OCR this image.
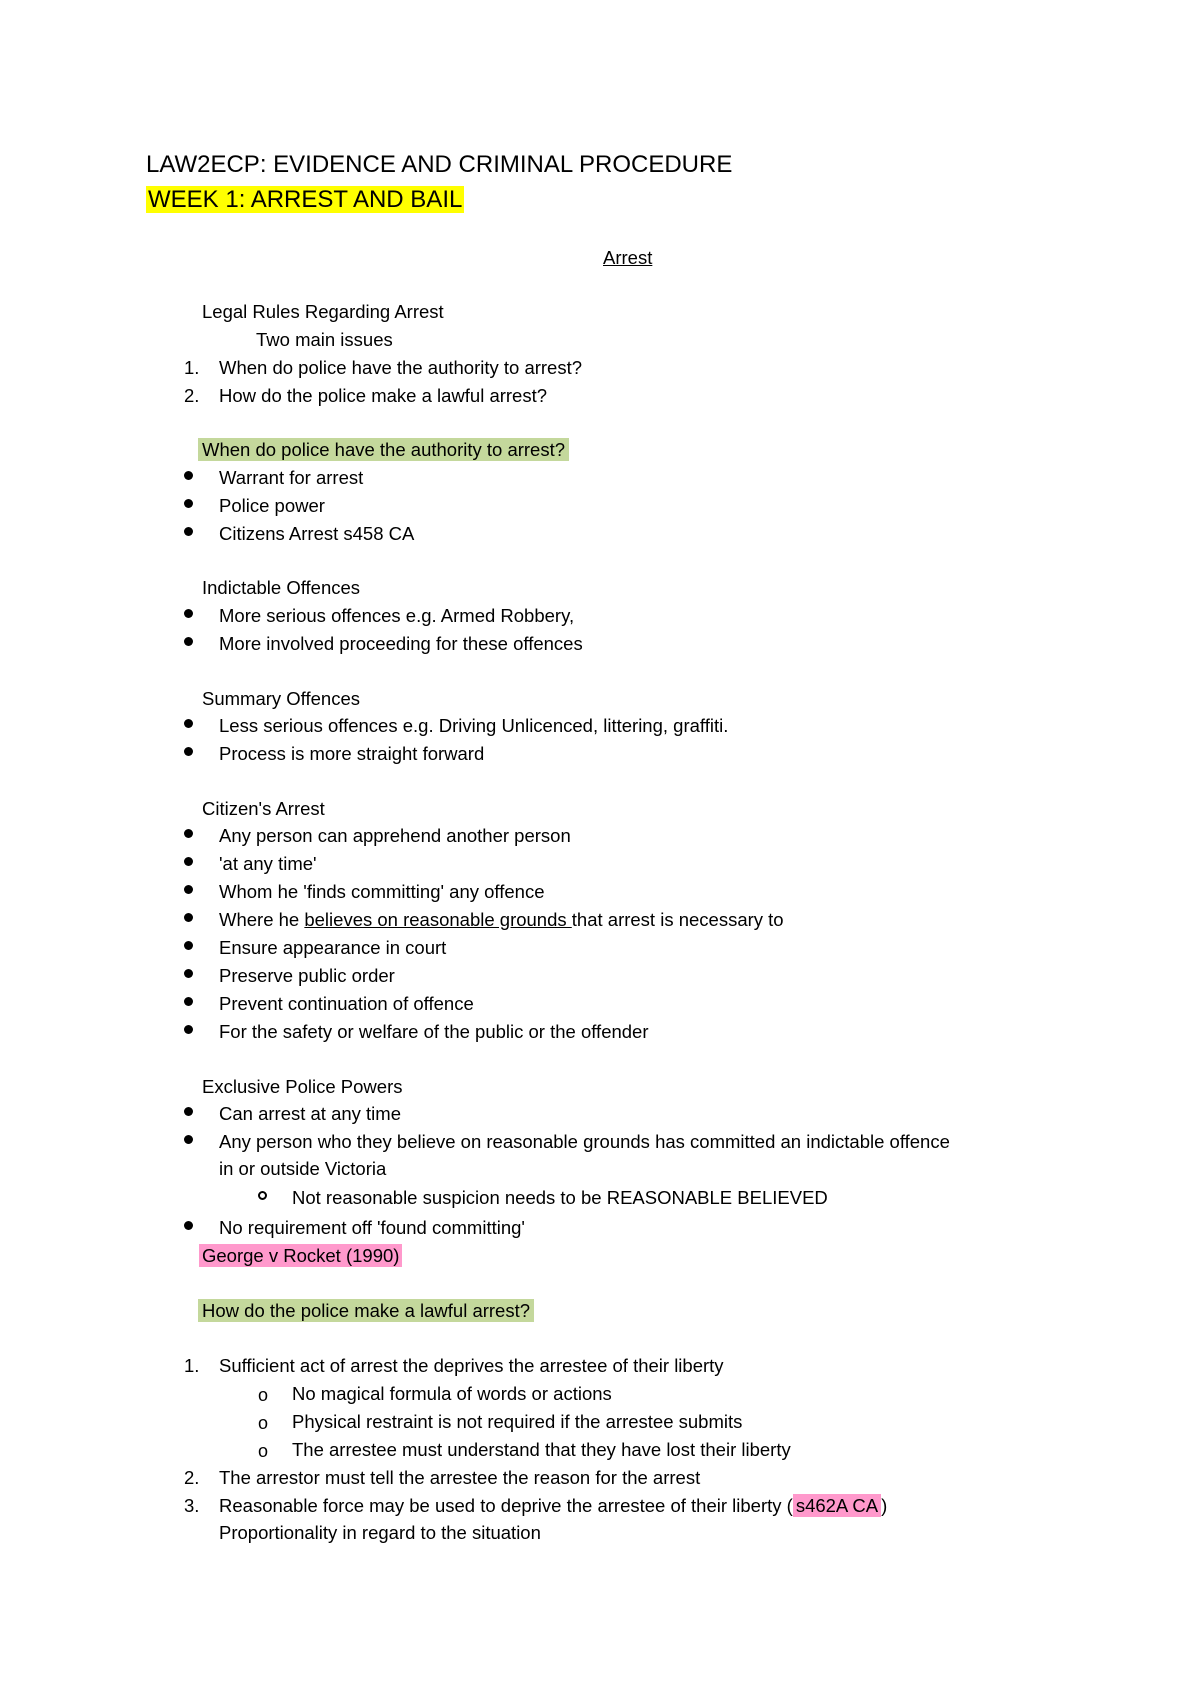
LAW2ECP: EVIDENCE AND CRIMINAL PROCEDURE
WEEK 1: ARREST AND BAIL
Arrest
Legal Rules Regarding Arrest
Two main issues
1. When do police have the authority to arrest?
2. How do the police make a lawful arrest?
When do police have the authority to arrest?
Warrant for arrest
Police power
Citizens Arrest s458 CA
Indictable Offences
More serious offences e.g. Armed Robbery,
More involved proceeding for these offences
Summary Offences
Less serious offences e.g. Driving Unlicenced, littering, graffiti.
Process is more straight forward
Citizen's Arrest
Any person can apprehend another person
'at any time'
Whom he 'finds committing' any offence
Where he believes on reasonable grounds that arrest is necessary to
Ensure appearance in court
Preserve public order
Prevent continuation of offence
For the safety or welfare of the public or the offender
Exclusive Police Powers
Can arrest at any time
Any person who they believe on reasonable grounds has committed an indictable offence
in or outside Victoria
Not reasonable suspicion needs to be REASONABLE BELIEVED
No requirement off 'found committing'
George v Rocket (1990)
How do the police make a lawful arrest?
1. Sufficient act of arrest the deprives the arrestee of their liberty
o No magical formula of words or actions
o Physical restraint is not required if the arrestee submits
o The arrestee must understand that they have lost their liberty
2. The arrestor must tell the arrestee the reason for the arrest
3. Reasonable force may be used to deprive the arrestee of their liberty ( s462A CA )
Proportionality in regard to the situation
